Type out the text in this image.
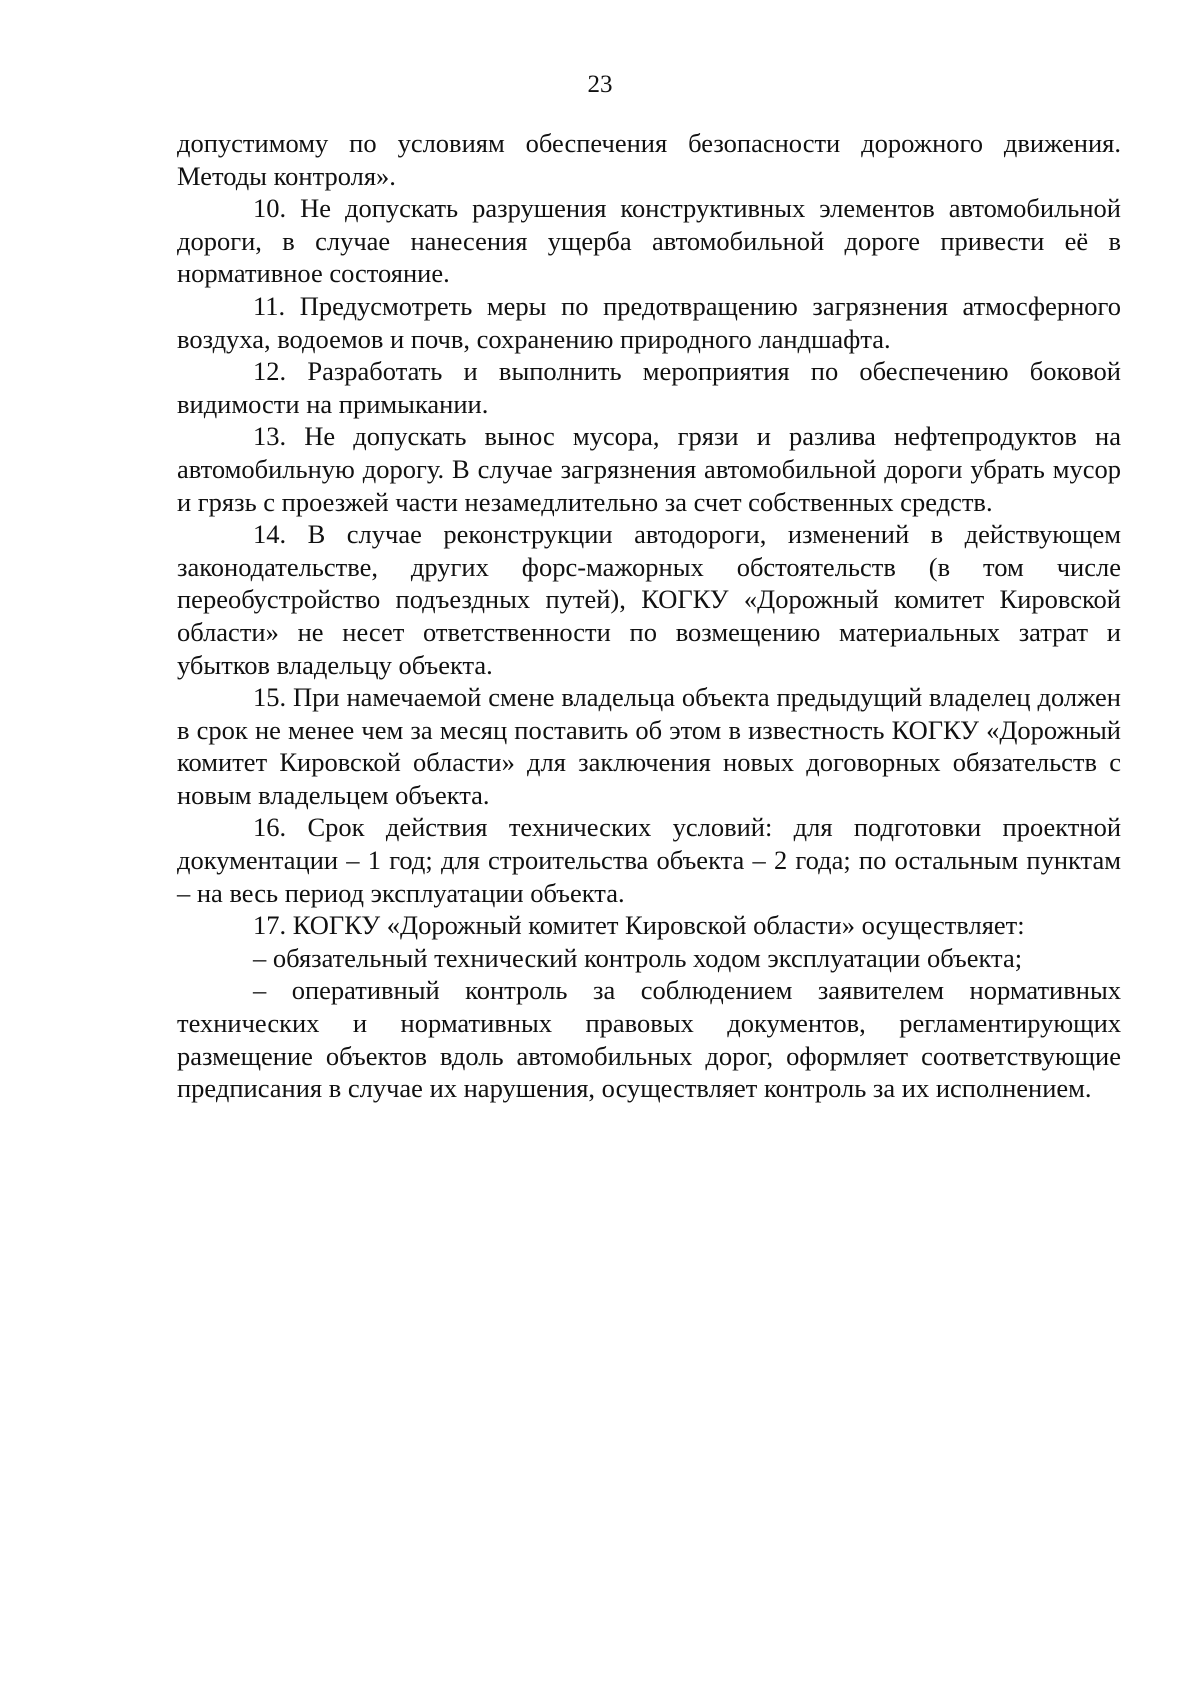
23

допустимому по условиям обеспечения безопасности дорожного движения. Методы контроля».

10. Не допускать разрушения конструктивных элементов автомобильной дороги, в случае нанесения ущерба автомобильной дороге привести её в нормативное состояние.

11. Предусмотреть меры по предотвращению загрязнения атмосферного воздуха, водоемов и почв, сохранению природного ландшафта.

12. Разработать и выполнить мероприятия по обеспечению боковой видимости на примыкании.

13. Не допускать вынос мусора, грязи и разлива нефтепродуктов на автомобильную дорогу. В случае загрязнения автомобильной дороги убрать мусор и грязь с проезжей части незамедлительно за счет собственных средств.

14. В случае реконструкции автодороги, изменений в действующем законодательстве, других форс-мажорных обстоятельств (в том числе переобустройство подъездных путей), КОГКУ «Дорожный комитет Кировской области» не несет ответственности по возмещению материальных затрат и убытков владельцу объекта.

15. При намечаемой смене владельца объекта предыдущий владелец должен в срок не менее чем за месяц поставить об этом в известность КОГКУ «Дорожный комитет Кировской области» для заключения новых договорных обязательств с новым владельцем объекта.

16. Срок действия технических условий: для подготовки проектной документации – 1 год; для строительства объекта – 2 года; по остальным пунктам – на весь период эксплуатации объекта.

17. КОГКУ «Дорожный комитет Кировской области» осуществляет:

– обязательный технический контроль ходом эксплуатации объекта;

– оперативный контроль за соблюдением заявителем нормативных технических и нормативных правовых документов, регламентирующих размещение объектов вдоль автомобильных дорог, оформляет соответствующие предписания в случае их нарушения, осуществляет контроль за их исполнением.
